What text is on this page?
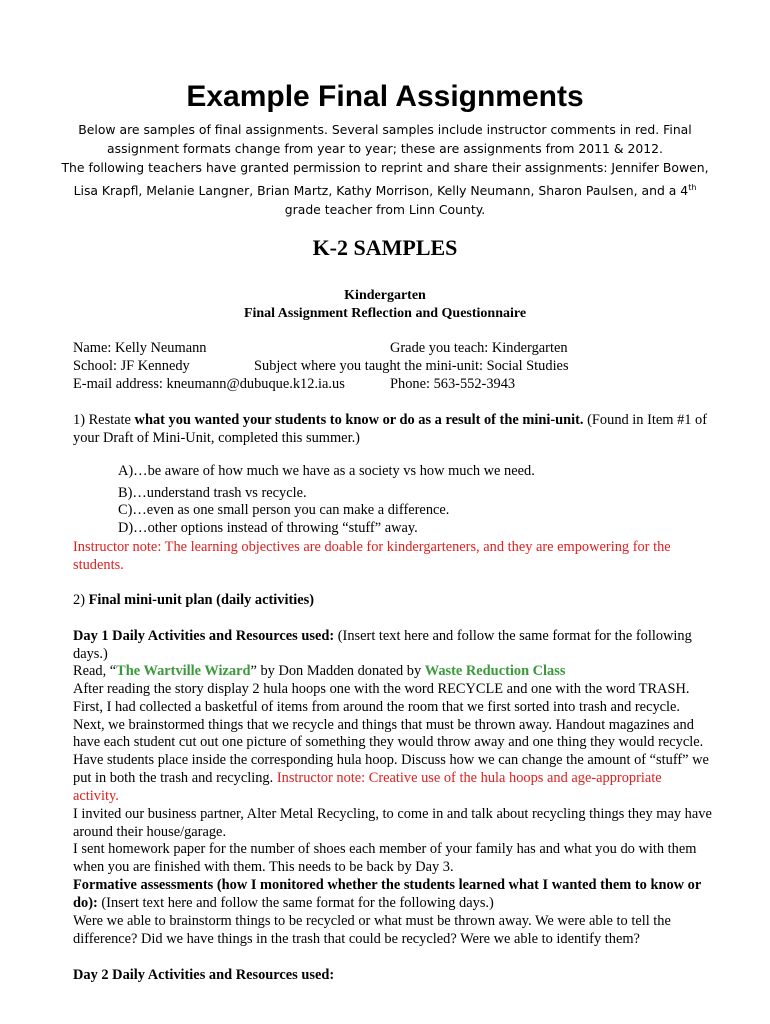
Example Final Assignments

Below are samples of final assignments. Several samples include instructor comments in red. Final assignment formats change from year to year; these are assignments from 2011 & 2012.

The following teachers have granted permission to reprint and share their assignments: Jennifer Bowen, Lisa Krapfl, Melanie Langner, Brian Martz, Kathy Morrison, Kelly Neumann, Sharon Paulsen, and a 4th grade teacher from Linn County.

K-2 SAMPLES

Kindergarten

Final Assignment Reflection and Questionnaire

Name: Kelly Neumann	Grade you teach: Kindergarten

School: JF Kennedy	Subject where you taught the mini-unit: Social Studies

E-mail address: kneumann@dubuque.k12.ia.us	Phone: 563-552-3943

1) Restate what you wanted your students to know or do as a result of the mini-unit. (Found in Item #1 of your Draft of Mini-Unit, completed this summer.)

A)…be aware of how much we have as a society vs how much we need.

B)…understand trash vs recycle.

C)…even as one small person you can make a difference.

D)…other options instead of throwing “stuff” away.

Instructor note: The learning objectives are doable for kindergarteners, and they are empowering for the students.

2) Final mini-unit plan (daily activities)

Day 1 Daily Activities and Resources used: (Insert text here and follow the same format for the following days.)

Read, “The Wartville Wizard” by Don Madden donated by Waste Reduction Class

After reading the story display 2 hula hoops one with the word RECYCLE and one with the word TRASH. First, I had collected a basketful of items from around the room that we first sorted into trash and recycle. Next, we brainstormed things that we recycle and things that must be thrown away. Handout magazines and have each student cut out one picture of something they would throw away and one thing they would recycle. Have students place inside the corresponding hula hoop. Discuss how we can change the amount of “stuff” we put in both the trash and recycling. Instructor note: Creative use of the hula hoops and age-appropriate activity.

I invited our business partner, Alter Metal Recycling, to come in and talk about recycling things they may have around their house/garage.

I sent homework paper for the number of shoes each member of your family has and what you do with them when you are finished with them. This needs to be back by Day 3.

Formative assessments (how I monitored whether the students learned what I wanted them to know or do): (Insert text here and follow the same format for the following days.)

Were we able to brainstorm things to be recycled or what must be thrown away. We were able to tell the difference? Did we have things in the trash that could be recycled? Were we able to identify them?

Day 2 Daily Activities and Resources used:
